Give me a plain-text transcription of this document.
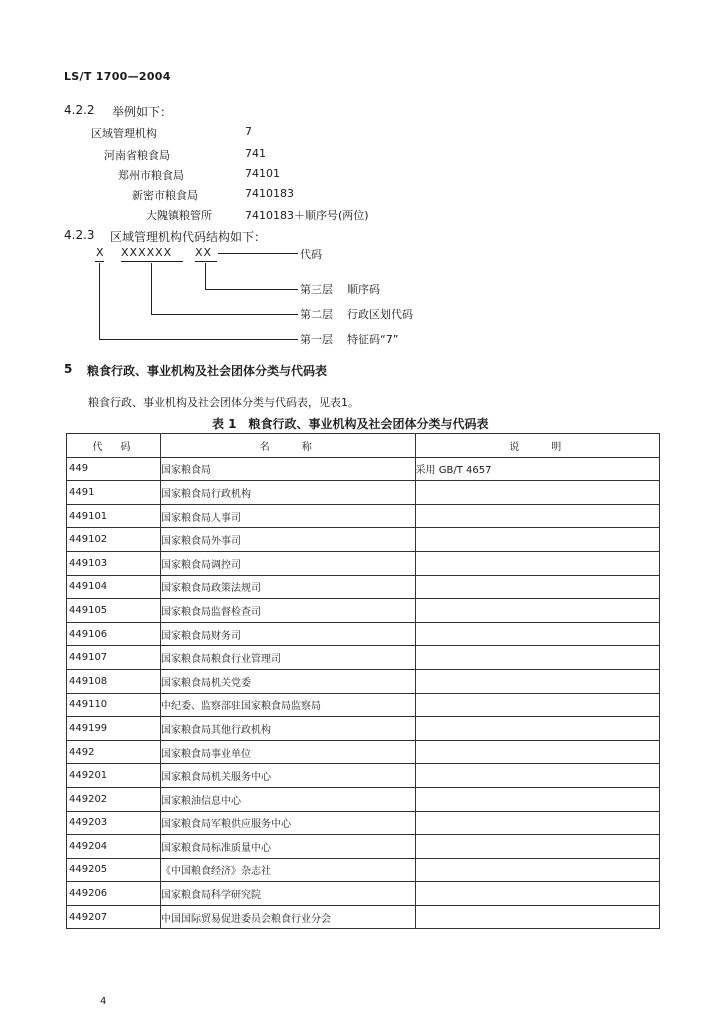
LS/T 1700—2004
4.2.2 举例如下：
区域管理机构	7
河南省粮食局	741
郑州市粮食局	74101
新密市粮食局	7410183
大隗镇粮管所	7410183＋顺序号(两位)
4.2.3 区域管理机构代码结构如下：
X XXXXXX XX	代码
第三层 顺序码
第二层 行政区划代码
第一层 特征码“7”
5 粮食行政、事业机构及社会团体分类与代码表
粮食行政、事业机构及社会团体分类与代码表，见表1。
表 1　粮食行政、事业机构及社会团体分类与代码表
代　码	名　　称	说　　明
449	国家粮食局	采用 GB/T 4657
4491	国家粮食局行政机构	
449101	国家粮食局人事司	
449102	国家粮食局外事司	
449103	国家粮食局调控司	
449104	国家粮食局政策法规司	
449105	国家粮食局监督检查司	
449106	国家粮食局财务司	
449107	国家粮食局粮食行业管理司	
449108	国家粮食局机关党委	
449110	中纪委、监察部驻国家粮食局监察局	
449199	国家粮食局其他行政机构	
4492	国家粮食局事业单位	
449201	国家粮食局机关服务中心	
449202	国家粮油信息中心	
449203	国家粮食局军粮供应服务中心	
449204	国家粮食局标准质量中心	
449205	《中国粮食经济》杂志社	
449206	国家粮食局科学研究院	
449207	中国国际贸易促进委员会粮食行业分会	
4
